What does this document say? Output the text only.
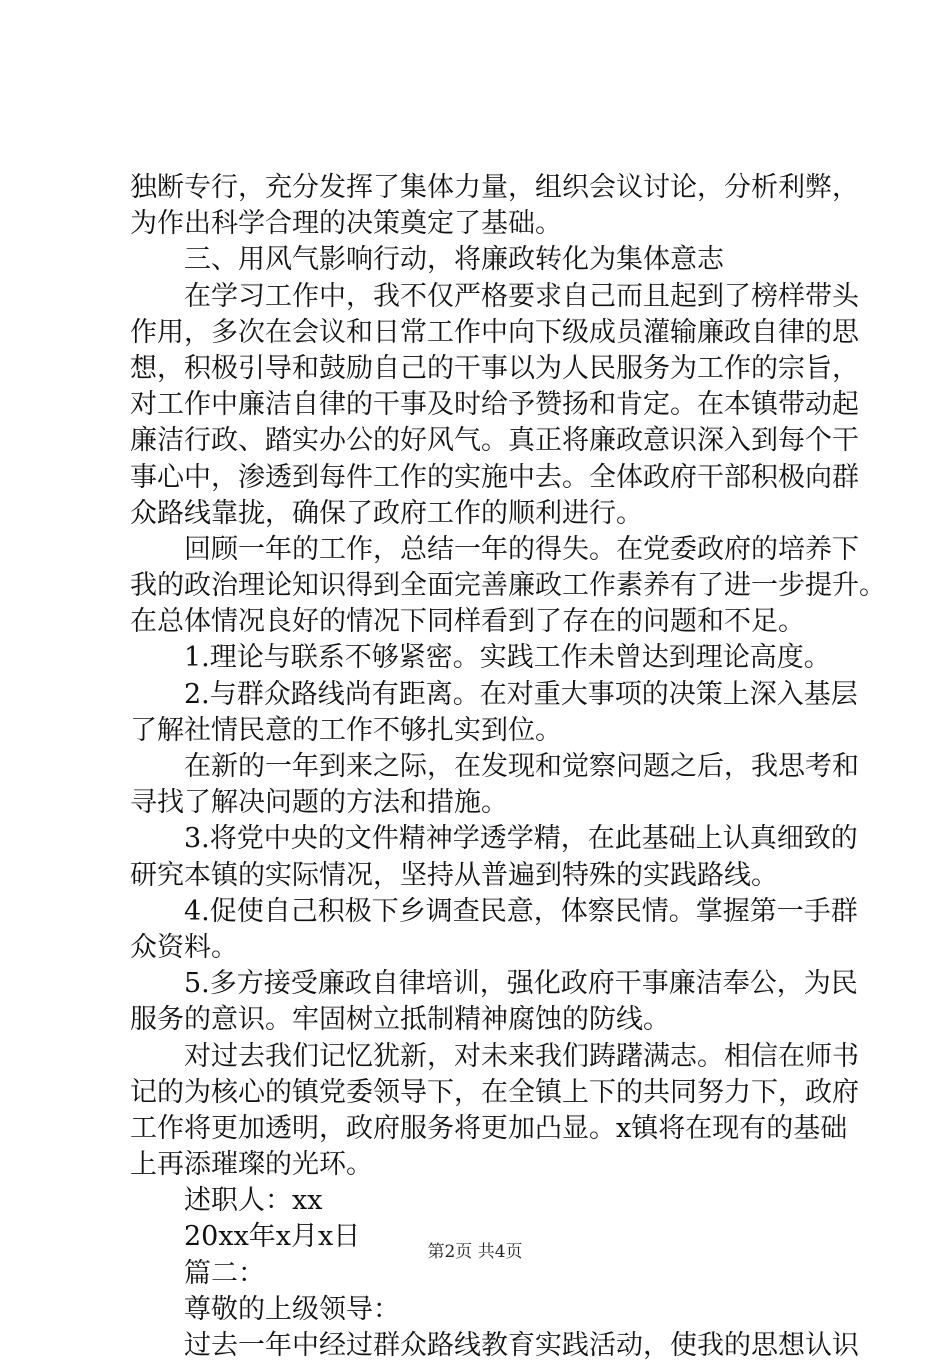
独断专行，充分发挥了集体力量，组织会议讨论，分析利弊，
为作出科学合理的决策奠定了基础。
三、用风气影响行动，将廉政转化为集体意志
在学习工作中，我不仅严格要求自己而且起到了榜样带头
作用，多次在会议和日常工作中向下级成员灌输廉政自律的思
想，积极引导和鼓励自己的干事以为人民服务为工作的宗旨，
对工作中廉洁自律的干事及时给予赞扬和肯定。在本镇带动起
廉洁行政、踏实办公的好风气。真正将廉政意识深入到每个干
事心中，渗透到每件工作的实施中去。全体政府干部积极向群
众路线靠拢，确保了政府工作的顺利进行。
回顾一年的工作，总结一年的得失。在党委政府的培养下
我的政治理论知识得到全面完善廉政工作素养有了进一步提升。
在总体情况良好的情况下同样看到了存在的问题和不足。
1.理论与联系不够紧密。实践工作未曾达到理论高度。
2.与群众路线尚有距离。在对重大事项的决策上深入基层
了解社情民意的工作不够扎实到位。
在新的一年到来之际，在发现和觉察问题之后，我思考和
寻找了解决问题的方法和措施。
3.将党中央的文件精神学透学精，在此基础上认真细致的
研究本镇的实际情况，坚持从普遍到特殊的实践路线。
4.促使自己积极下乡调查民意，体察民情。掌握第一手群
众资料。
5.多方接受廉政自律培训，强化政府干事廉洁奉公，为民
服务的意识。牢固树立抵制精神腐蚀的防线。
对过去我们记忆犹新，对未来我们踌躇满志。相信在师书
记的为核心的镇党委领导下，在全镇上下的共同努力下，政府
工作将更加透明，政府服务将更加凸显。x镇将在现有的基础
上再添璀璨的光环。
述职人：xx
20xx年x月x日
篇二：
尊敬的上级领导：
过去一年中经过群众路线教育实践活动，使我的思想认识
第2页 共4页
